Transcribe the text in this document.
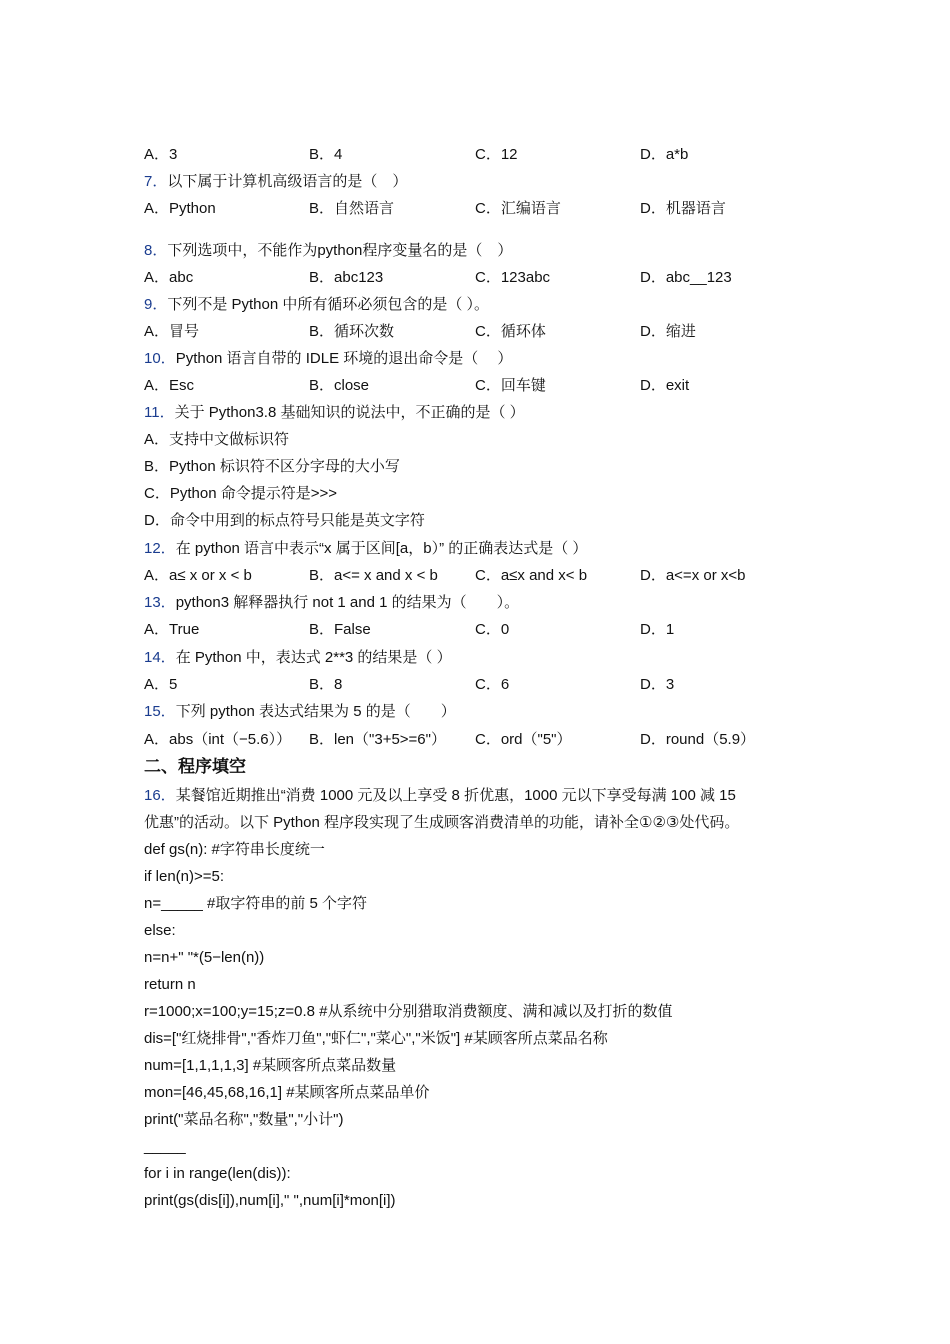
A．3	B．4	C．12	D．a*b
7．以下属于计算机高级语言的是（　）
A．Python	B．自然语言	C．汇编语言	D．机器语言
8．下列选项中，不能作为python程序变量名的是（　）
A．abc	B．abc123	C．123abc	D．abc__123
9．下列不是 Python 中所有循环必须包含的是（ ）。
A．冒号	B．循环次数	C．循环体	D．缩进
10．Python 语言自带的 IDLE 环境的退出命令是（　 ）
A．Esc	B．close	C．回车键	D．exit
11．关于 Python3.8 基础知识的说法中，不正确的是（ ）
A．支持中文做标识符
B．Python 标识符不区分字母的大小写
C．Python 命令提示符是>>>
D．命令中用到的标点符号只能是英文字符
12．在 python 语言中表示“x 属于区间[a，b）” 的正确表达式是（ ）
A．a≤ x or x < b	B．a<= x and x < b C．a≤x and x< b	D．a<=x or x<b
13．python3 解释器执行 not 1 and 1 的结果为（　　）。
A．True	B．False	C．0	D．1
14．在 Python 中，表达式 2**3 的结果是（ ）
A．5	B．8	C．6	D．3
15．下列 python 表达式结果为 5 的是（　　）
A．abs（int（−5.6）） B．len（"3+5>=6"） C．ord（"5"）	D．round（5.9）
二、程序填空
16．某餐馆近期推出“消费 1000 元及以上享受 8 折优惠，1000 元以下享受每满 100 减 15
优惠”的活动。以下 Python 程序段实现了生成顾客消费清单的功能，请补全①②③处代码。
def gs(n): #字符串长度统一
if len(n)>=5:
n=_____ #取字符串的前 5 个字符
else:
n=n+" "*(5−len(n))
return n
r=1000;x=100;y=15;z=0.8 #从系统中分别猎取消费额度、满和减以及打折的数值
dis=["红烧排骨","香炸刀鱼","虾仁","菜心","米饭"] #某顾客所点菜品名称
num=[1,1,1,1,3] #某顾客所点菜品数量
mon=[46,45,68,16,1] #某顾客所点菜品单价
print("菜品名称","数量","小计")
_____
for i in range(len(dis)):
print(gs(dis[i]),num[i]," ",num[i]*mon[i])
